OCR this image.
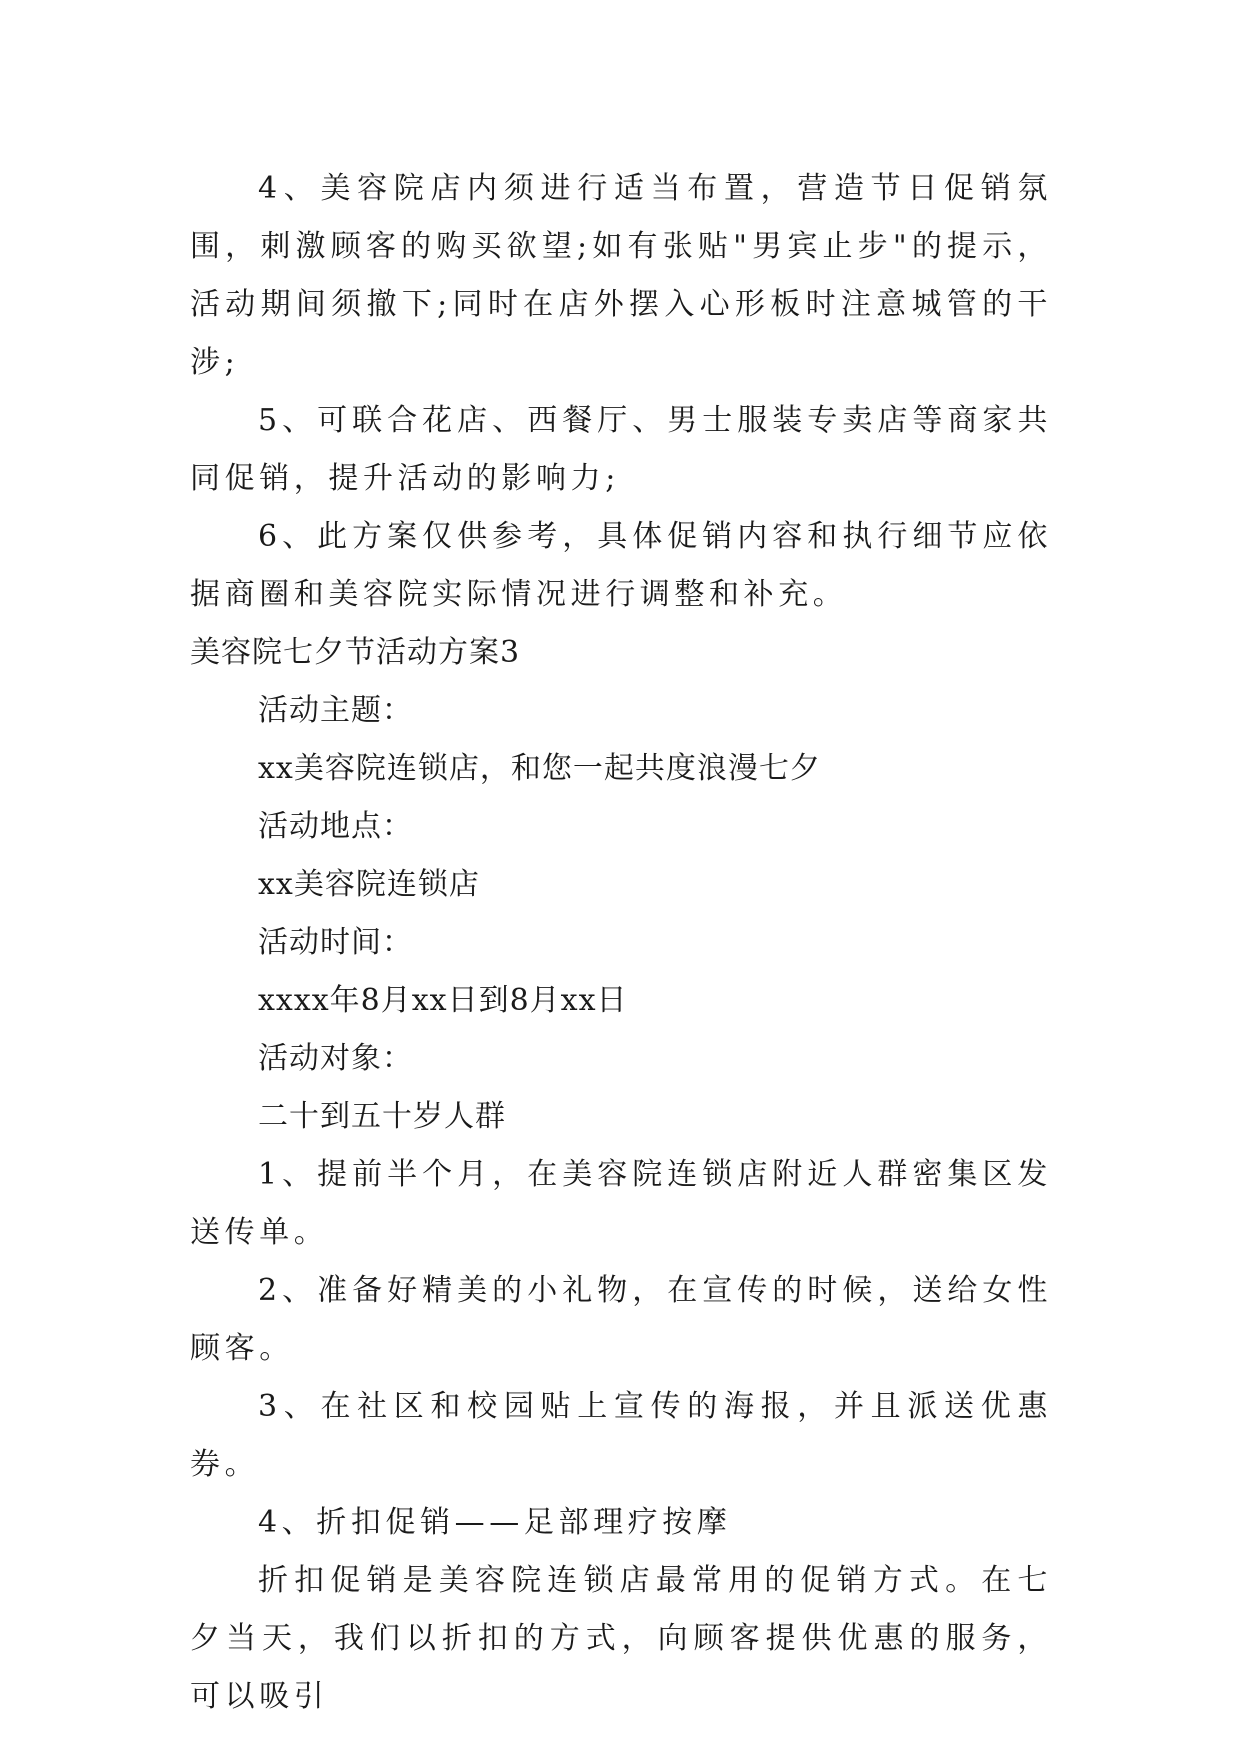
4、美容院店内须进行适当布置，营造节日促销氛围，刺激顾客的购买欲望;如有张贴"男宾止步"的提示，活动期间须撤下;同时在店外摆入心形板时注意城管的干涉;

5、可联合花店、西餐厅、男士服装专卖店等商家共同促销，提升活动的影响力;

6、此方案仅供参考，具体促销内容和执行细节应依据商圈和美容院实际情况进行调整和补充。

美容院七夕节活动方案3

活动主题：

xx美容院连锁店，和您一起共度浪漫七夕

活动地点：

xx美容院连锁店

活动时间：

xxxx年8月xx日到8月xx日

活动对象：

二十到五十岁人群

1、提前半个月，在美容院连锁店附近人群密集区发送传单。

2、准备好精美的小礼物，在宣传的时候，送给女性顾客。

3、在社区和校园贴上宣传的海报，并且派送优惠券。

4、折扣促销——足部理疗按摩

折扣促销是美容院连锁店最常用的促销方式。在七夕当天，我们以折扣的方式，向顾客提供优惠的服务，可以吸引
